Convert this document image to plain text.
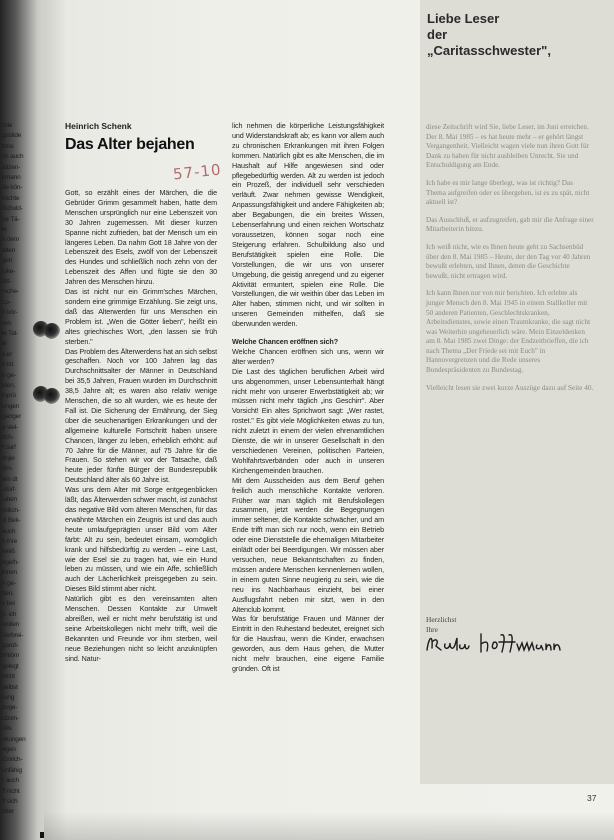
nde
gsbilde
bzw.
ch auch
altzen-
kmann
de kön-
leichte
Schuld-
he Tä-
ie
h dem
alten
gen
ipke-
Sit-
rsche-
Lo-
h kör-
ren
ie Tat-
ie
s er
n ist
b ge-
iden,
rsprü
ungen
ganger
e viel-
rich-
f darf
rinjie
Bin-
am dt
-dürf-
laben
ndlich-
Ji Bek-
auch
h ihre
weiß
ngelh-
ihnen
h ge-
tten.
s bei
h. ich
wollen
Verbrei-
ganzl-
rmlöm
gelegt
nicht
selbst
rung
zuge-
utzen-
Alis
nkungen
egen
Einrich-
unfähig
r auch
ff nicht
ff sich
ütter
Heinrich Schenk
Das Alter bejahen
57-10

Gott, so erzählt eines der Märchen, die die Gebrüder Grimm gesammelt haben, hatte dem Menschen ursprünglich nur eine Lebenszeit von 30 Jahren zugemessen. Mit dieser kurzen Spanne nicht zufrieden, bat der Mensch um ein längeres Leben. Da nahm Gott 18 Jahre von der Lebenszeit des Esels, zwölf von der Lebenszeit des Hundes und schließlich noch zehn von der Lebenszeit des Affen und fügte sie den 30 Jahren des Menschen hinzu.

Das ist nicht nur ein Grimm'sches Märchen, sondern eine grimmige Erzählung. Sie zeigt uns, daß das Alterwerden für uns Menschen ein Problem ist. „Wen die Götter lieben", heißt ein altes griechisches Wort, „den lassen sie früh sterben."

Das Problem des Älterwerdens hat an sich selbst geschaffen. Noch vor 100 Jahren lag das Durchschnittsalter der Männer in Deutschland bei 35,5 Jahren, Frauen wurden im Durchschnitt 38,5 Jahre alt; es waren also relativ wenige Menschen, die so alt wurden, wie es heute der Fall ist. Die Sicherung der Ernährung, der Sieg über die seuchenartigen Erkrankungen und der allgemeine kulturelle Fortschritt haben unsere Chancen, länger zu leben, erheblich erhöht: auf 70 Jahre für die Männer, auf 75 Jahre für die Frauen. So stehen wir vor der Tatsache, daß heute jeder fünfte Bürger der Bundesrepublik Deutschland älter als 60 Jahre ist.

Was uns dem Alter mit Sorge entgegenblicken läßt, das Älterwerden schwer macht, ist zunächst das negative Bild vom älteren Menschen, für das erwähnte Märchen ein Zeugnis ist und das auch heute umlaufgeprägten unser Bild vom Alter färbt: Alt zu sein, bedeutet einsam, womöglich krank und hilfsbedürftig zu werden – eine Last, wie der Esel sie zu tragen hat, wie ein Hund leben zu müssen, und wie ein Affe, schließlich auch der Lächerlichkeit preisgegeben zu sein. Dieses Bild stimmt aber nicht.

Natürlich gibt es den vereinsamten alten Menschen. Dessen Kontakte zur Umwelt abreißen, weil er nicht mehr berufstätig ist und seine Arbeitskollegen nicht mehr trifft, weil die Bekannten und Freunde vor ihm sterben, weil neue Beziehungen nicht so leicht anzuknüpfen sind. Natur-

lich nehmen die körperliche Leistungsfähigkeit und Widerstandskraft ab; es kann vor allem auch zu chronischen Erkrankungen mit ihren Folgen kommen. Natürlich gibt es alte Menschen, die im Haushalt auf Hilfe angewiesen sind oder pflegebedürftig werden. Alt zu werden ist jedoch ein Prozeß, der individuell sehr verschieden verläuft. Zwar nehmen gewisse Wendigkeit, Anpassungsfähigkeit und andere Fähigkeiten ab; aber Begabungen, die ein breites Wissen, Lebenserfahrung und einen reichen Wortschatz voraussetzen, können sogar noch eine Steigerung erfahren. Schulbildung also und Berufstätigkeit spielen eine Rolle. Die Vorstellungen, die wir uns von unserer Umgebung, die geistig anregend und zu eigener Aktivität ermuntert, spielen eine Rolle. Die Vorstellungen, die wir weithin über das Leben im Alter haben, stimmen nicht, und wir sollten in unseren Gemeinden mithelfen, daß sie überwunden werden.

Welche Chancen eröffnen sich?

Welche Chancen eröffnen sich uns, wenn wir älter werden?

Die Last des täglichen beruflichen Arbeit wird uns abgenommen, unser Lebensunterhalt hängt nicht mehr von unserer Erwerbstätigkeit ab; wir müssen nicht mehr täglich „ins Geschirr". Aber Vorsicht! Ein altes Sprichwort sagt: „Wer rastet, rostet." Es gibt viele Möglichkeiten etwas zu tun, nicht zuletzt in einem der vielen ehrenamtlichen Dienste, die wir in unserer Gesellschaft in den verschiedenen Vereinen, politischen Parteien, Wohlfahrtsverbänden oder auch in unseren Kirchengemeinden brauchen.

Mit dem Ausscheiden aus dem Beruf gehen freilich auch menschliche Kontakte verloren. Früher war man täglich mit Berufskollegen zusammen, jetzt werden die Begegnungen immer seltener, die Kontakte schwächer, und am Ende trifft man sich nur noch, wenn ein Betrieb oder eine Dienststelle die ehemaligen Mitarbeiter einlädt oder bei Beerdigungen. Wir müssen aber versuchen, neue Bekanntschaften zu finden, müssen andere Menschen kennenlernen wollen, in einem guten Sinne neugierig zu sein, wie die neu ins Nachbarhaus einzieht, bei einer Ausflugsfahrt neben mir sitzt, wen in den Altenclub kommt.

Was für berufstätige Frauen und Männer der Eintritt in den Ruhestand bedeutet, ereignet sich für die Hausfrau, wenn die Kinder, erwachsen geworden, aus dem Haus gehen, die Mutter nicht mehr brauchen, eine eigene Familie gründen. Oft ist

Liebe Leser
der
„Caritasschwester",

diese Zeitschrift wird Sie, liebe Leser, im Juni erreichen. Der 8. Mai 1985 – es hat heute mehr – er gehört längst Vergangenheit. Vielleicht wagen viele nun ihren Gott für Dank zu haben für nicht ausbleiben Unrecht. Sie und Entschuldigung am Ende.

Ich habe es mir lange überlegt, was ist richtig? Das Thema aufgreifen oder es übergehen, ist es zu spät, nicht aktuell ist?

Das Ausschluß, er aufzugreifen, gab mir die Anfrage einer Mitarbeiterin hinzu.

Ich weiß nicht, wie es Ihnen heute geht zu Sachsenbüd über den 8. Mai 1985 – Heute, der den Tag vor 40 Jahren bewußt erlebten, und Ihnen, denen die Geschichte bewußt, nicht ertragen wird.

Ich kann Ihnen nur von mir berichten. Ich erlebte als junger Mensch den 8. Mai 1945 in einem Stallkeller mit 50 anderen Patienten, Geschlechtskranken, Arbeitsdienstes, sowie einen Traumkranke, die sagt nicht was Weiterhin ungeheuerlich wäre. Mein Einzeldenken am 8. Mai 1985 zwei Dinge: der Endzeitbrieffen, die ich nach Thema „Der Friede sei mit Euch" in Hannovergrenzen und die Rede unseres Bundespräsidenten zu Bundestag.

Vielleicht lesen sie zwei kurze Auszüge dazu auf Seite 40.

Herzlichst
Ihre
37
